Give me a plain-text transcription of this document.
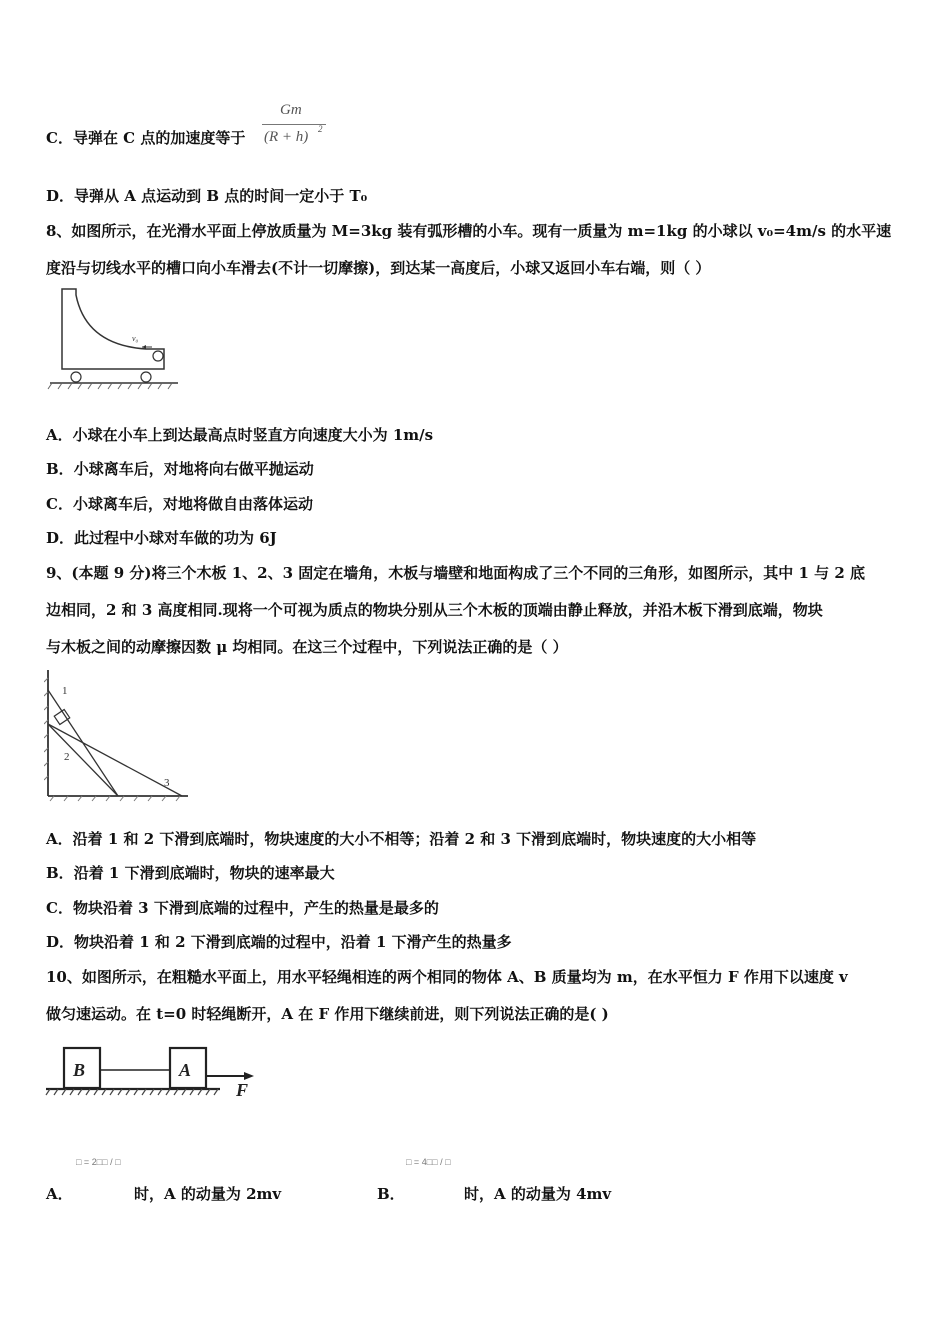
C．导弹在 C 点的加速度等于
Gm
(R + h) 2
D．导弹从 A 点运动到 B 点的时间一定小于 T₀
8、如图所示，在光滑水平面上停放质量为 M=3kg 装有弧形槽的小车。现有一质量为 m=1kg 的小球以 v₀=4m/s 的水平速
度沿与切线水平的槽口向小车滑去(不计一切摩擦)，到达某一高度后，小球又返回小车右端，则（ ）
v₀
A．小球在小车上到达最高点时竖直方向速度大小为 1m/s
B．小球离车后，对地将向右做平抛运动
C．小球离车后，对地将做自由落体运动
D．此过程中小球对车做的功为 6J
9、(本题 9 分)将三个木板 1、2、3 固定在墙角，木板与墙壁和地面构成了三个不同的三角形，如图所示，其中 1 与 2 底
边相同，2 和 3 高度相同.现将一个可视为质点的物块分别从三个木板的顶端由静止释放，并沿木板下滑到底端，物块
与木板之间的动摩擦因数 μ 均相同。在这三个过程中，下列说法正确的是（ ）
1
2
3
A．沿着 1 和 2 下滑到底端时，物块速度的大小不相等；沿着 2 和 3 下滑到底端时，物块速度的大小相等
B．沿着 1 下滑到底端时，物块的速率最大
C．物块沿着 3 下滑到底端的过程中，产生的热量是最多的
D．物块沿着 1 和 2 下滑到底端的过程中，沿着 1 下滑产生的热量多
10、如图所示，在粗糙水平面上，用水平轻绳相连的两个相同的物体 A、B 质量均为 m，在水平恒力 F 作用下以速度 v
做匀速运动。在 t=0 时轻绳断开，A 在 F 作用下继续前进，则下列说法正确的是( )
B	A
F
□ = 2□□ / □
A．	时，A 的动量为 2mv
□ = 4□□ / □
B．	时，A 的动量为 4mv
